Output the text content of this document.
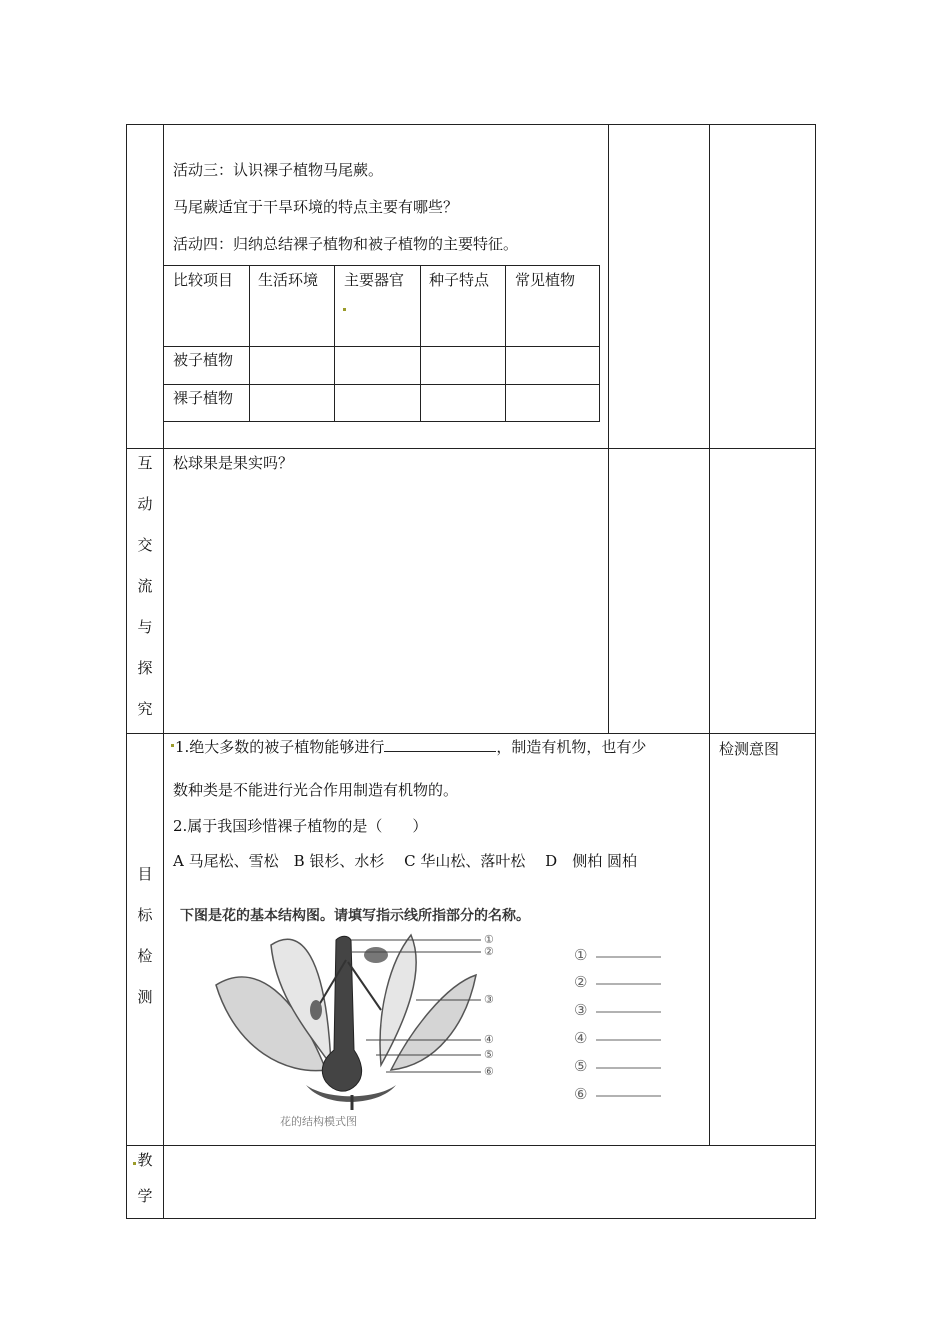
活动三：认识裸子植物马尾蕨。
马尾蕨适宜于干旱环境的特点主要有哪些？
活动四：归纳总结裸子植物和被子植物的主要特征。
比较项目 生活环境 主要器官 种子特点 常见植物
被子植物
裸子植物
互
动
交
流
与
探
究
松球果是果实吗？
目
标
检
测
检测意图
1.绝大多数的被子植物能够进行	，制造有机物，也有少
数种类是不能进行光合作用制造有机物的。
2.属于我国珍惜裸子植物的是（　　）
A 马尾松、雪松　B 银杉、水杉　 C 华山松、落叶松　 D　侧柏 圆柏
下图是花的基本结构图。请填写指示线所指部分的名称。
①
②
③
④
⑤
⑥
①
②
③
④
⑤
⑥
花的结构模式图
教
学
